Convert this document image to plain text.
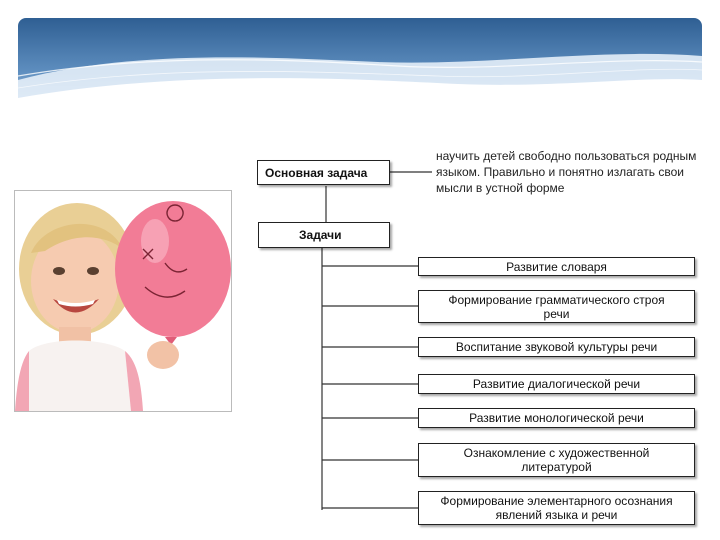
Основная задача
научить детей свободно пользоваться родным языком. Правильно и понятно излагать свои мысли в устной форме
Задачи
Развитие словаря
Формирование грамматического строя речи
Воспитание звуковой культуры речи
Развитие диалогической речи
Развитие монологической речи
Ознакомление с художественной литературой
Формирование элементарного осознания явлений языка и речи
